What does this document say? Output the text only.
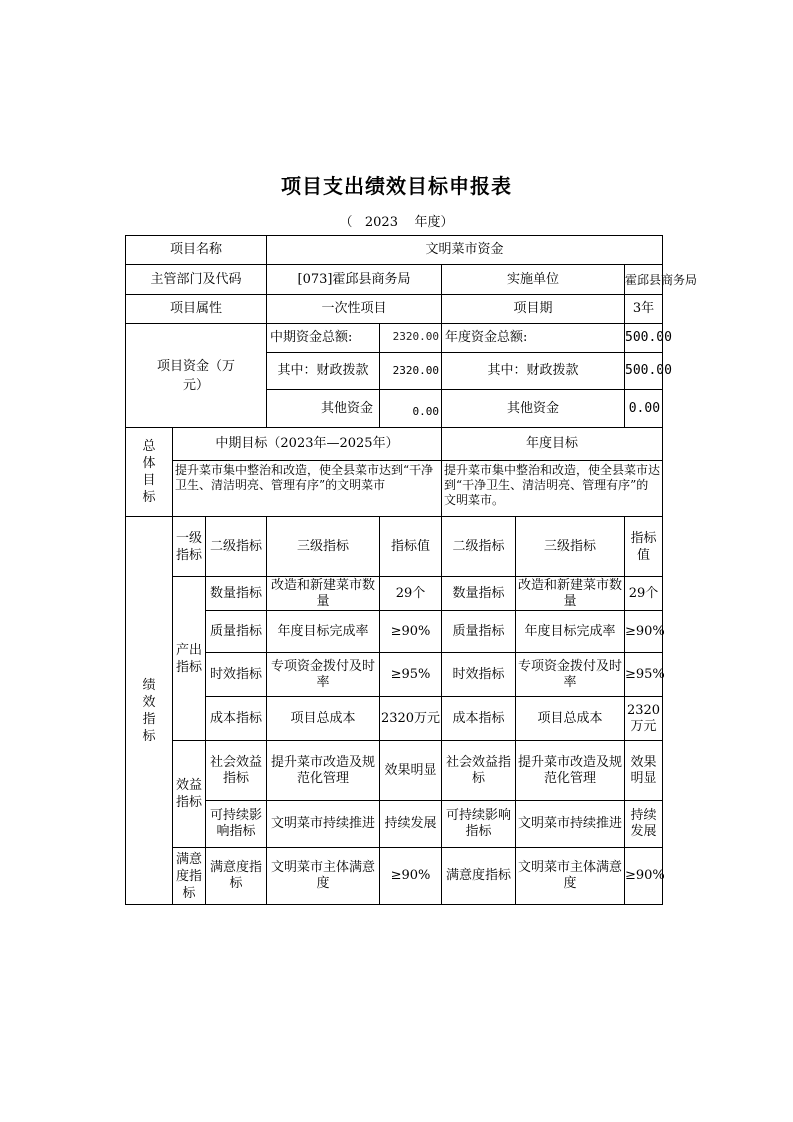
项目支出绩效目标申报表
（ 2023 年度）
项目名称			文明菜市资金				
主管部门及代码			[073]霍邱县商务局		实施单位		霍邱县商务局
项目属性			一次性项目		项目期		3年

项目资金（万元）			中期资金总额:	2320.00	年度资金总额:		500.00
			其中：财政拨款	2320.00	其中：财政拨款		500.00
			其他资金	0.00	其他资金		0.00
总体目标	中期目标（2023年—2025年）				年度目标		
	提升菜市集中整治和改造，使全县菜市达到“干净卫生、清洁明亮、管理有序”的文明菜市				提升菜市集中整治和改造，使全县菜市达到“干净卫生、清洁明亮、管理有序”的文明菜市。		
绩效指标	一级指标	二级指标	三级指标	指标值	二级指标	三级指标	指标值
	产出指标	数量指标	改造和新建菜市数量	29个	数量指标	改造和新建菜市数量	29个
		质量指标	年度目标完成率	≥90%	质量指标	年度目标完成率	≥90%
		时效指标	专项资金拨付及时率	≥95%	时效指标	专项资金拨付及时率	≥95%
		成本指标	项目总成本	2320万元	成本指标	项目总成本	2320万元
	效益指标	社会效益指标	提升菜市改造及规范化管理	效果明显	社会效益指标	提升菜市改造及规范化管理	效果明显
		可持续影响指标	文明菜市持续推进	持续发展	可持续影响指标	文明菜市持续推进	持续发展
	满意度指标	满意度指标	文明菜市主体满意度	≥90%	满意度指标	文明菜市主体满意度	≥90%
